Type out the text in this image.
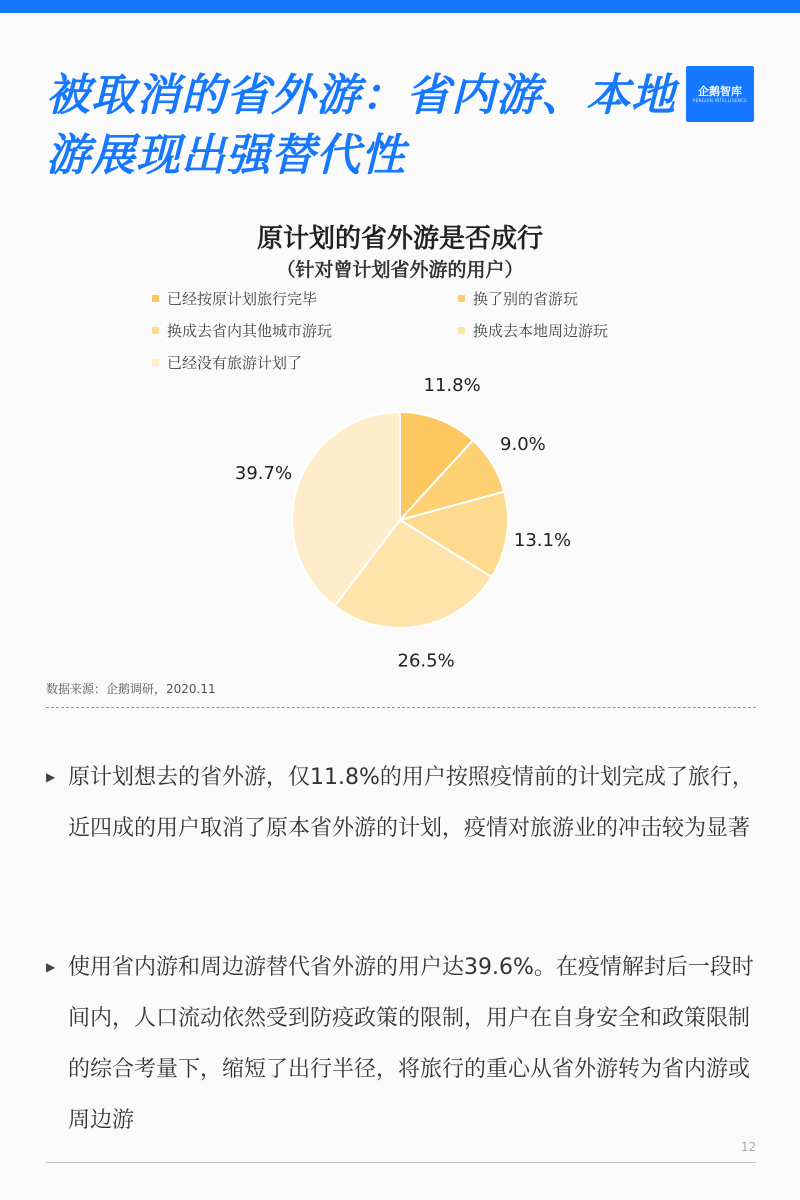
被取消的省外游：省内游、本地游展现出强替代性
企鹅智库
PENGUIN INTELLIGENCE
原计划的省外游是否成行
（针对曾计划省外游的用户）
已经按原计划旅行完毕	换了别的省游玩
换成去省内其他城市游玩	换成去本地周边游玩
已经没有旅游计划了
11.8%
9.0%
13.1%
26.5%
39.7%
数据来源：企鹅调研，2020.11
▶ 原计划想去的省外游，仅11.8%的用户按照疫情前的计划完成了旅行，近四成的用户取消了原本省外游的计划，疫情对旅游业的冲击较为显著

▶ 使用省内游和周边游替代省外游的用户达39.6%。在疫情解封后一段时间内，人口流动依然受到防疫政策的限制，用户在自身安全和政策限制的综合考量下，缩短了出行半径，将旅行的重心从省外游转为省内游或周边游

12
